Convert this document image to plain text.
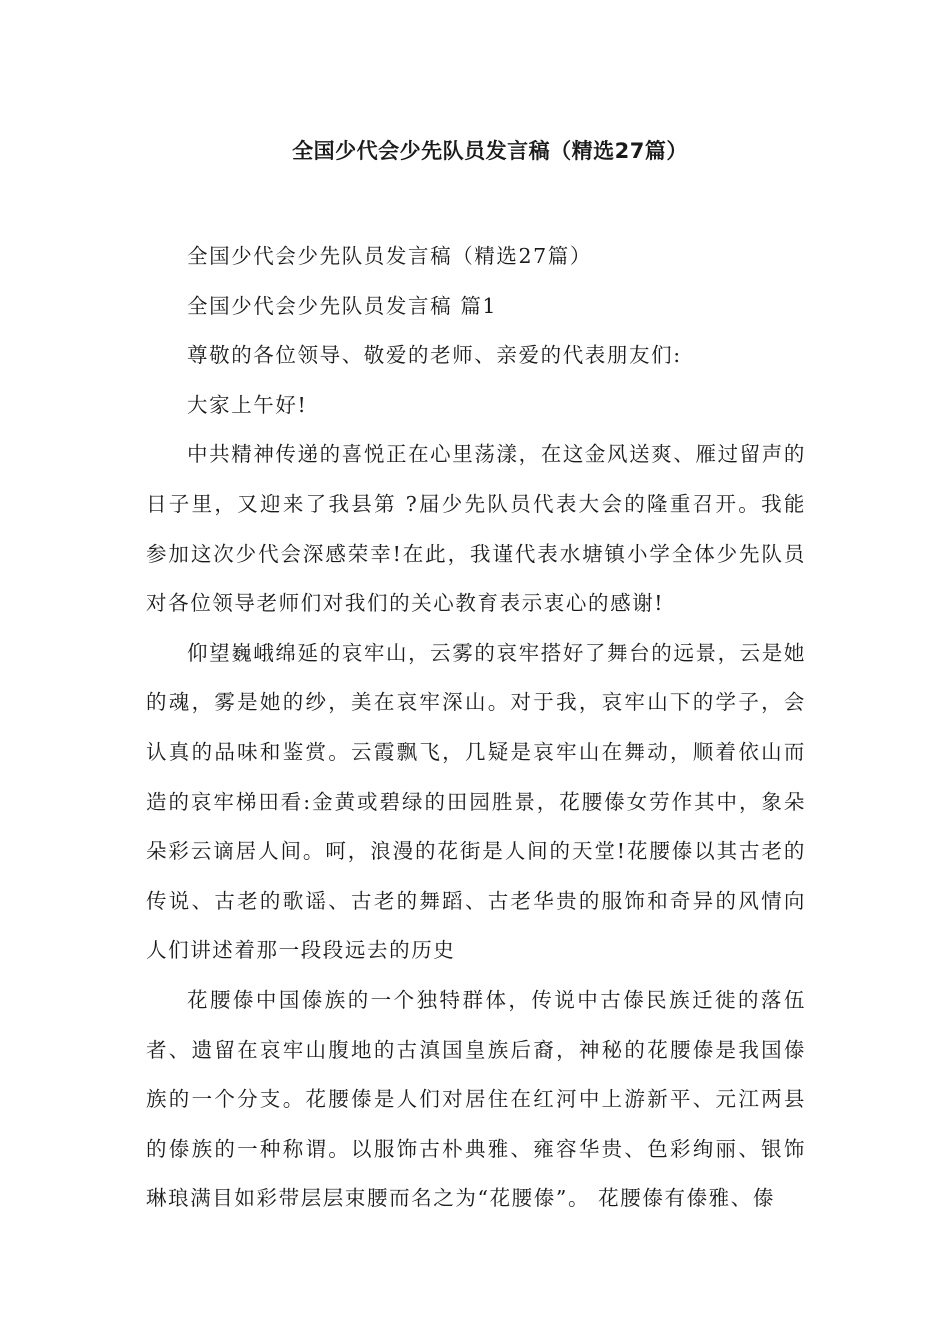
全国少代会少先队员发言稿（精选27篇）

全国少代会少先队员发言稿（精选27篇）

全国少代会少先队员发言稿 篇1

尊敬的各位领导、敬爱的老师、亲爱的代表朋友们:

大家上午好!

中共精神传递的喜悦正在心里荡漾，在这金风送爽、雁过留声的日子里，又迎来了我县第 ?届少先队员代表大会的隆重召开。我能参加这次少代会深感荣幸!在此，我谨代表水塘镇小学全体少先队员对各位领导老师们对我们的关心教育表示衷心的感谢!

仰望巍峨绵延的哀牢山，云雾的哀牢搭好了舞台的远景，云是她的魂，雾是她的纱，美在哀牢深山。对于我，哀牢山下的学子，会认真的品味和鉴赏。云霞飘飞，几疑是哀牢山在舞动，顺着依山而造的哀牢梯田看:金黄或碧绿的田园胜景，花腰傣女劳作其中，象朵朵彩云谪居人间。呵，浪漫的花街是人间的天堂!花腰傣以其古老的传说、古老的歌谣、古老的舞蹈、古老华贵的服饰和奇异的风情向人们讲述着那一段段远去的历史

花腰傣中国傣族的一个独特群体，传说中古傣民族迁徙的落伍者、遗留在哀牢山腹地的古滇国皇族后裔，神秘的花腰傣是我国傣族的一个分支。花腰傣是人们对居住在红河中上游新平、元江两县的傣族的一种称谓。以服饰古朴典雅、雍容华贵、色彩绚丽、银饰琳琅满目如彩带层层束腰而名之为“花腰傣”。 花腰傣有傣雅、傣
